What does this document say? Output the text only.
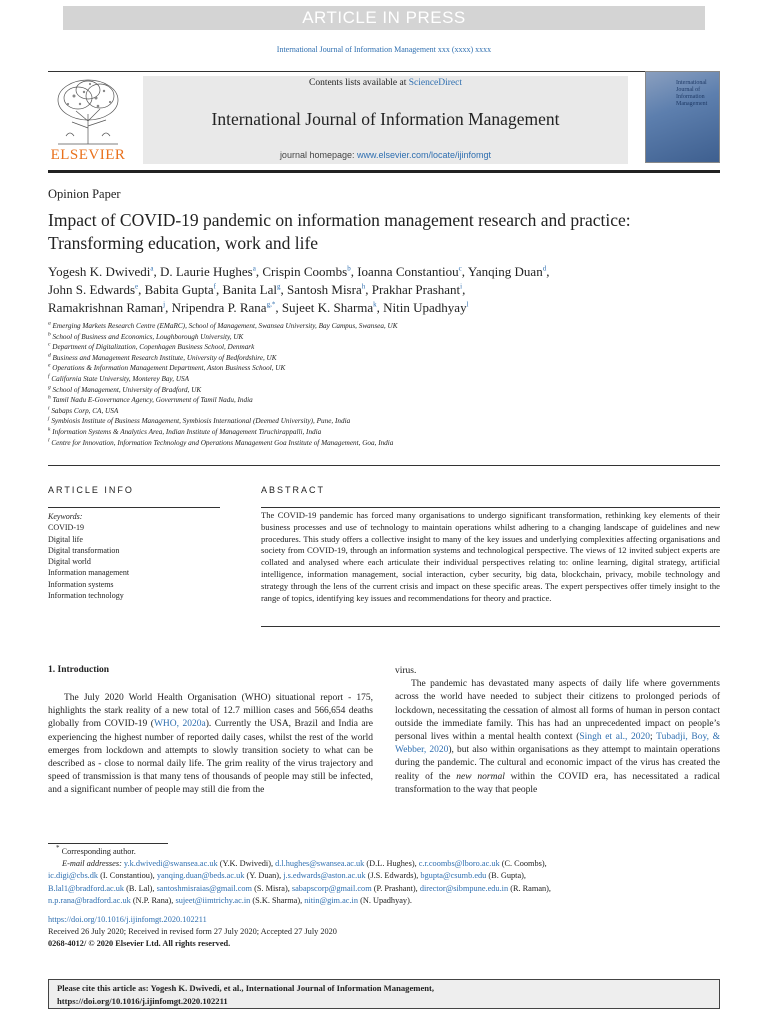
ARTICLE IN PRESS
International Journal of Information Management xxx (xxxx) xxxx
ELSEVIER
Contents lists available at ScienceDirect
International Journal of Information Management
journal homepage: www.elsevier.com/locate/ijinfomgt
International Journal of Information Management
Opinion Paper
Impact of COVID-19 pandemic on information management research and practice: Transforming education, work and life
Yogesh K. Dwivedi$^a$, D. Laurie Hughes$^a$, Crispin Coombs$^b$, Ioanna Constantiou$^c$, Yanqing Duan$^d$,
John S. Edwards$^e$, Babita Gupta$^f$, Banita Lal$^g$, Santosh Misra$^h$, Prakhar Prashant$^i$,
Ramakrishnan Raman$^j$, Nripendra P. Rana$^{g,*}$, Sujeet K. Sharma$^k$, Nitin Upadhyay$^l$
$^a$ Emerging Markets Research Centre (EMaRC), School of Management, Swansea University, Bay Campus, Swansea, UK
$^b$ School of Business and Economics, Loughborough University, UK
$^c$ Department of Digitalization, Copenhagen Business School, Denmark
$^d$ Business and Management Research Institute, University of Bedfordshire, UK
$^e$ Operations & Information Management Department, Aston Business School, UK
$^f$ California State University, Monterey Bay, USA
$^g$ School of Management, University of Bradford, UK
$^h$ Tamil Nadu E-Governance Agency, Government of Tamil Nadu, India
$^i$ Sabaps Corp, CA, USA
$^j$ Symbiosis Institute of Business Management, Symbiosis International (Deemed University), Pune, India
$^k$ Information Systems & Analytics Area, Indian Institute of Management Tiruchirappalli, India
$^l$ Centre for Innovation, Information Technology and Operations Management Goa Institute of Management, Goa, India
ARTICLE INFO
Keywords:
COVID-19
Digital life
Digital transformation
Digital world
Information management
Information systems
Information technology
ABSTRACT
The COVID-19 pandemic has forced many organisations to undergo significant transformation, rethinking key elements of their business processes and use of technology to maintain operations whilst adhering to a changing landscape of guidelines and new procedures. This study offers a collective insight to many of the key issues and underlying complexities affecting organisations and society from COVID-19, through an information systems and technological perspective. The views of 12 invited subject experts are collated and analysed where each articulate their individual perspectives relating to: online learning, digital strategy, artificial intelligence, information management, social interaction, cyber security, big data, blockchain, privacy, mobile technology and strategy through the lens of the current crisis and impact on these specific areas. The expert perspectives offer timely insight to the range of topics, identifying key issues and recommendations for theory and practice.
1. Introduction
The July 2020 World Health Organisation (WHO) situational report - 175, highlights the stark reality of a new total of 12.7 million cases and 566,654 deaths globally from COVID-19 (WHO, 2020a). Currently the USA, Brazil and India are experiencing the highest number of reported daily cases, whilst the rest of the world emerges from lockdown and attempts to slowly transition society to what can be described as - close to normal daily life. The grim reality of the virus trajectory and speed of transmission is that many tens of thousands of people may still be infected, and a significant number of people may still die from the
virus.
The pandemic has devastated many aspects of daily life where governments across the world have needed to subject their citizens to prolonged periods of lockdown, necessitating the cessation of almost all forms of human in person contact outside the immediate family. This has had an unprecedented impact on people’s personal lives within a mental health context (Singh et al., 2020; Tubadji, Boy, & Webber, 2020), but also within organisations as they attempt to maintain operations during the pandemic. The cultural and economic impact of the virus has created the reality of the new normal within the COVID era, has necessitated a radical transformation to the way that people
* Corresponding author.
E-mail addresses: y.k.dwivedi@swansea.ac.uk (Y.K. Dwivedi), d.l.hughes@swansea.ac.uk (D.L. Hughes), c.r.coombs@lboro.ac.uk (C. Coombs),
ic.digi@cbs.dk (I. Constantiou), yanqing.duan@beds.ac.uk (Y. Duan), j.s.edwards@aston.ac.uk (J.S. Edwards), bgupta@csumb.edu (B. Gupta),
B.lal1@bradford.ac.uk (B. Lal), santoshmisraias@gmail.com (S. Misra), sabapscorp@gmail.com (P. Prashant), director@sibmpune.edu.in (R. Raman),
n.p.rana@bradford.ac.uk (N.P. Rana), sujeet@iimtrichy.ac.in (S.K. Sharma), nitin@gim.ac.in (N. Upadhyay).
https://doi.org/10.1016/j.ijinfomgt.2020.102211
Received 26 July 2020; Received in revised form 27 July 2020; Accepted 27 July 2020
0268-4012/ © 2020 Elsevier Ltd. All rights reserved.
Please cite this article as: Yogesh K. Dwivedi, et al., International Journal of Information Management,
https://doi.org/10.1016/j.ijinfomgt.2020.102211
